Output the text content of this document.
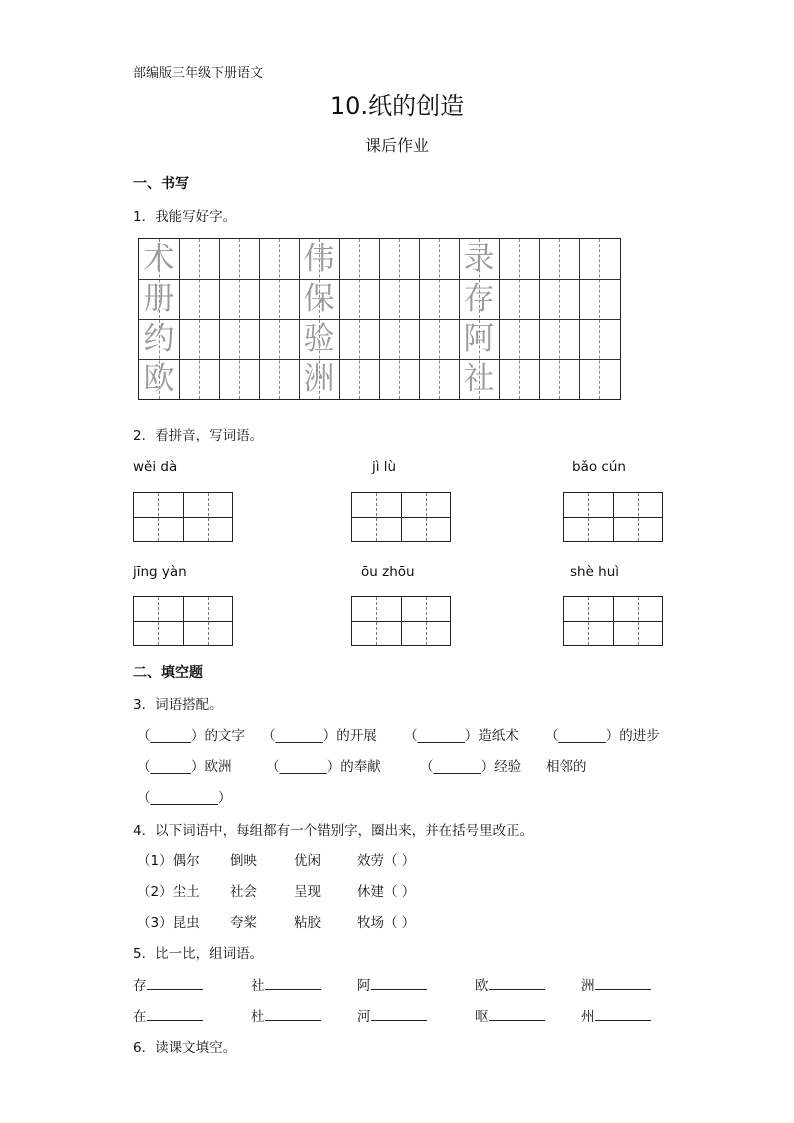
部编版三年级下册语文
10.纸的创造
课后作业
一、书写
1．我能写好字。
术	伟	录
册	保	存
约	验	阿
欧	洲	社
2．看拼音，写词语。
wěi dà	jì lù	bǎo cún
jīng yàn	ōu zhōu	shè huì
二、填空题
3．词语搭配。
（______）的文字 （_______）的开展 （_______）造纸术 （_______）的进步
（______）欧洲	（_______）的奉献	（_______）经验 相邻的
（__________）
4．以下词语中，每组都有一个错别字，圈出来，并在括号里改正。
（1）偶尔 倒映	优闲	效劳（ ）
（2）尘土 社会	呈现	休建（ ）
（3）昆虫 夸桨	粘胶	牧场（ ）
5．比一比，组词语。
存	社	阿	欧	洲
在	杜	河	呕	州
6．读课文填空。
